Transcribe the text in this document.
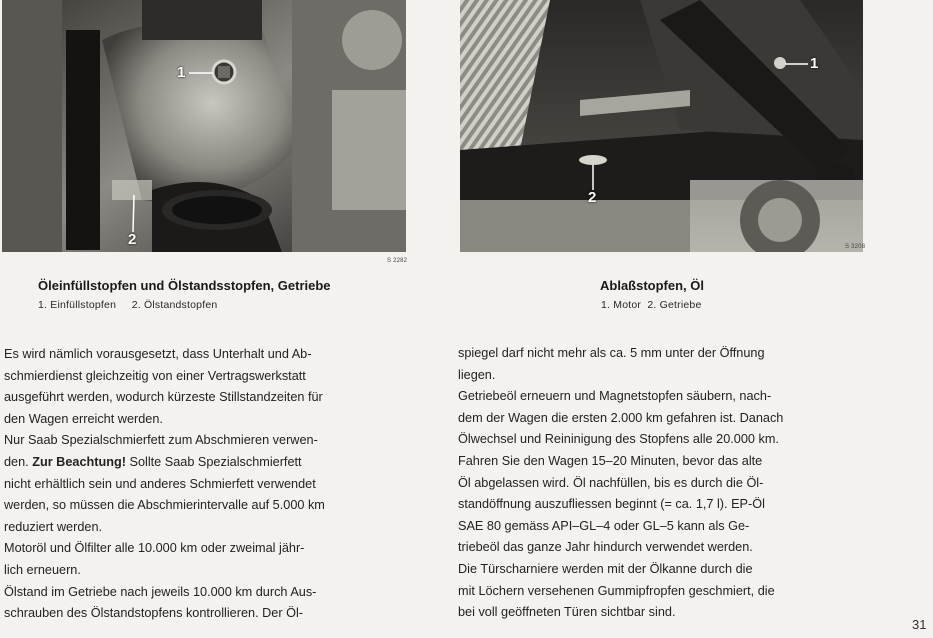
1
2
S 2282
1
2
S 3208
Öleinfüllstopfen und Ölstandsstopfen, Getriebe
1. Einfüllstopfen     2. Ölstandstopfen
Ablaßstopfen, Öl
1. Motor  2. Getriebe
Es wird nämlich vorausgesetzt, dass Unterhalt und Ab-
schmierdienst gleichzeitig von einer Vertragswerkstatt
ausgeführt werden, wodurch kürzeste Stillstandzeiten für
den Wagen erreicht werden.
Nur Saab Spezialschmierfett zum Abschmieren verwen-
den. Zur Beachtung! Sollte Saab Spezialschmierfett
nicht erhältlich sein und anderes Schmierfett verwendet
werden, so müssen die Abschmierintervalle auf 5.000 km
reduziert werden.
Motoröl und Ölfilter alle 10.000 km oder zweimal jähr-
lich erneuern.
Ölstand im Getriebe nach jeweils 10.000 km durch Aus-
schrauben des Ölstandstopfens kontrollieren. Der Öl-
spiegel darf nicht mehr als ca. 5 mm unter der Öffnung
liegen.
Getriebeöl erneuern und Magnetstopfen säubern, nach-
dem der Wagen die ersten 2.000 km gefahren ist. Danach
Ölwechsel und Reininigung des Stopfens alle 20.000 km.
Fahren Sie den Wagen 15–20 Minuten, bevor das alte
Öl abgelassen wird. Öl nachfüllen, bis es durch die Öl-
standöffnung auszufliessen beginnt (= ca. 1,7 l). EP-Öl
SAE 80 gemäss API–GL–4 oder GL–5 kann als Ge-
triebeöl das ganze Jahr hindurch verwendet werden.
Die Türscharniere werden mit der Ölkanne durch die
mit Löchern versehenen Gummipfropfen geschmiert, die
bei voll geöffneten Türen sichtbar sind.
31
